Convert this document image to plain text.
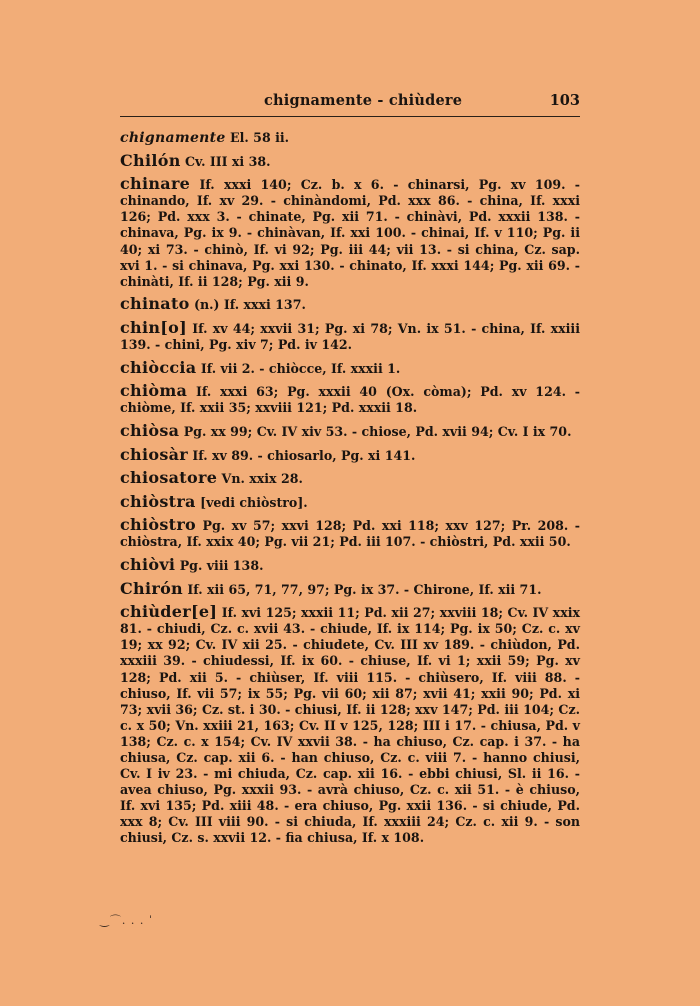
chignamente - chiùdere	103

chignamente El. 58 ii.

Chilón Cv. III xi 38.

chinare If. xxxi 140; Cz. b. x 6. - chinarsi, Pg. xv 109. - chinando, If. xv 29. - chinàndomi, Pd. xxx 86. - china, If. xxxi 126; Pd. xxx 3. - chinate, Pg. xii 71. - chinàvi, Pd. xxxii 138. - chinava, Pg. ix 9. - chinàvan, If. xxi 100. - chinai, If. v 110; Pg. ii 40; xi 73. - chinò, If. vi 92; Pg. iii 44; vii 13. - si china, Cz. sap. xvi 1. - si chinava, Pg. xxi 130. - chinato, If. xxxi 144; Pg. xii 69. - chinàti, If. ii 128; Pg. xii 9.

chinato (n.) If. xxxi 137.

chin[o] If. xv 44; xxvii 31; Pg. xi 78; Vn. ix 51. - china, If. xxiii 139. - chini, Pg. xiv 7; Pd. iv 142.

chiòccia If. vii 2. - chiòcce, If. xxxii 1.

chiòma If. xxxi 63; Pg. xxxii 40 (Ox. còma); Pd. xv 124. - chiòme, If. xxii 35; xxviii 121; Pd. xxxii 18.

chiòsa Pg. xx 99; Cv. IV xiv 53. - chiose, Pd. xvii 94; Cv. I ix 70.

chiosàr If. xv 89. - chiosarlo, Pg. xi 141.

chiosatore Vn. xxix 28.

chiòstra [vedi chiòstro].

chiòstro Pg. xv 57; xxvi 128; Pd. xxi 118; xxv 127; Pr. 208. - chiòstra, If. xxix 40; Pg. vii 21; Pd. iii 107. - chiòstri, Pd. xxii 50.

chiòvi Pg. viii 138.

Chirón If. xii 65, 71, 77, 97; Pg. ix 37. - Chirone, If. xii 71.

chiùder[e] If. xvi 125; xxxii 11; Pd. xii 27; xxviii 18; Cv. IV xxix 81. - chiudi, Cz. c. xvii 43. - chiude, If. ix 114; Pg. ix 50; Cz. c. xv 19; xx 92; Cv. IV xii 25. - chiudete, Cv. III xv 189. - chiùdon, Pd. xxxiii 39. - chiudessi, If. ix 60. - chiuse, If. vi 1; xxii 59; Pg. xv 128; Pd. xii 5. - chiùser, If. viii 115. - chiùsero, If. viii 88. - chiuso, If. vii 57; ix 55; Pg. vii 60; xii 87; xvii 41; xxii 90; Pd. xi 73; xvii 36; Cz. st. i 30. - chiusi, If. ii 128; xxv 147; Pd. iii 104; Cz. c. x 50; Vn. xxiii 21, 163; Cv. II v 125, 128; III i 17. - chiusa, Pd. v 138; Cz. c. x 154; Cv. IV xxvii 38. - ha chiuso, Cz. cap. i 37. - ha chiusa, Cz. cap. xii 6. - han chiuso, Cz. c. viii 7. - hanno chiusi, Cv. I iv 23. - mi chiuda, Cz. cap. xii 16. - ebbi chiusi, Sl. ii 16. - avea chiuso, Pg. xxxii 93. - avrà chiuso, Cz. c. xii 51. - è chiuso, If. xvi 135; Pd. xiii 48. - era chiuso, Pg. xxii 136. - si chiude, Pd. xxx 8; Cv. III viii 90. - si chiuda, If. xxxiii 24; Cz. c. xii 9. - son chiusi, Cz. s. xxvii 12. - fia chiusa, If. x 108.

‿⌒. . . ˈ
